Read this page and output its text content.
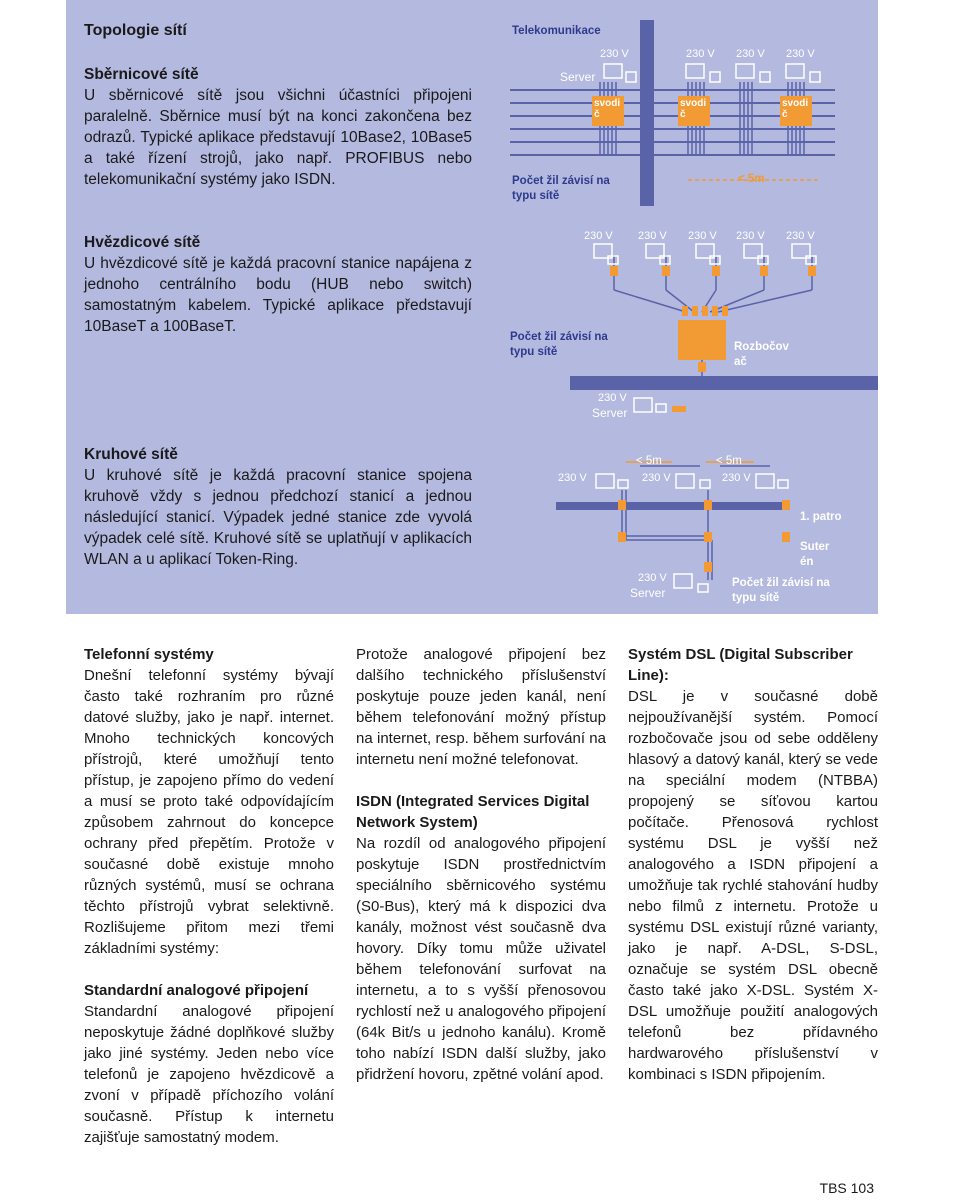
Topologie sítí
Sběrnicové sítě

U sběrnicové sítě jsou všichni účastníci připojeni paralelně. Sběrnice musí být na konci zakončena bez odrazů. Typické aplikace představují 10Base2, 10Base5 a také řízení strojů, jako např. PROFIBUS nebo telekomunikační systémy jako ISDN.

Hvězdicové sítě

U hvězdicové sítě je každá pracovní stanice napájena z jednoho centrálního bodu (HUB nebo switch) samostatným kabelem. Typické aplikace představují 10BaseT a 100BaseT.

Kruhové sítě

U kruhové sítě je každá pracovní stanice spojena kruhově vždy s jednou předchozí stanicí a jednou následující stanicí. Výpadek jedné stanice zde vyvolá výpadek celé sítě. Kruhové sítě se uplatňují v aplikacích WLAN a u aplikací Token-Ring.

Telekomunikace
Server
230 V	230 V 230 V 230 V
svodi
č
svodi
č
svodi
č
Počet žil závisí na
typu sítě
< 5m
230 V 230 V 230 V 230 V 230 V
Počet žil závisí na
typu sítě	Rozbočov
ač
230 V
Server
< 5m	< 5m
230 V	230 V	230 V
1. patro
Suter
én
230 V
Server
Počet žil závisí na
typu sítě
Telefonní systémy

Dnešní telefonní systémy bývají často také rozhraním pro různé datové služby, jako je např. internet. Mnoho technických koncových přístrojů, které umožňují tento přístup, je zapojeno přímo do vedení a musí se proto také odpovídajícím způsobem zahrnout do koncepce ochrany před přepětím. Protože v současné době existuje mnoho různých systémů, musí se ochrana těchto přístrojů vybrat selektivně. Rozlišujeme přitom mezi třemi základními systémy:

Standardní analogové připojení

Standardní analogové připojení neposkytuje žádné doplňkové služby jako jiné systémy. Jeden nebo více telefonů je zapojeno hvězdicově a zvoní v případě příchozího volání současně. Přístup k internetu zajišťuje samostatný modem.

Protože analogové připojení bez dalšího technického příslušenství poskytuje pouze jeden kanál, není během telefonování možný přístup na internet, resp. během surfování na internetu není možné telefonovat.

ISDN (Integrated Services Digital Network System)

Na rozdíl od analogového připojení poskytuje ISDN prostřednictvím speciálního sběrnicového systému (S0-Bus), který má k dispozici dva kanály, možnost vést současně dva hovory. Díky tomu může uživatel během telefonování surfovat na internetu, a to s vyšší přenosovou rychlostí než u analogového připojení (64k Bit/s u jednoho kanálu). Kromě toho nabízí ISDN další služby, jako přidržení hovoru, zpětné volání apod.

Systém DSL (Digital Subscriber Line):

DSL je v současné době nejpoužívanější systém. Pomocí rozbočovače jsou od sebe odděleny hlasový a datový kanál, který se vede na speciální modem (NTBBA) propojený se síťovou kartou počítače. Přenosová rychlost systému DSL je vyšší než analogového a ISDN připojení a umožňuje tak rychlé stahování hudby nebo filmů z internetu. Protože u systému DSL existují různé varianty, jako je např. A-DSL, S-DSL, označuje se systém DSL obecně často také jako X-DSL. Systém X-DSL umožňuje použití analogových telefonů bez přídavného hardwarového příslušenství v kombinaci s ISDN připojením.

TBS 103
